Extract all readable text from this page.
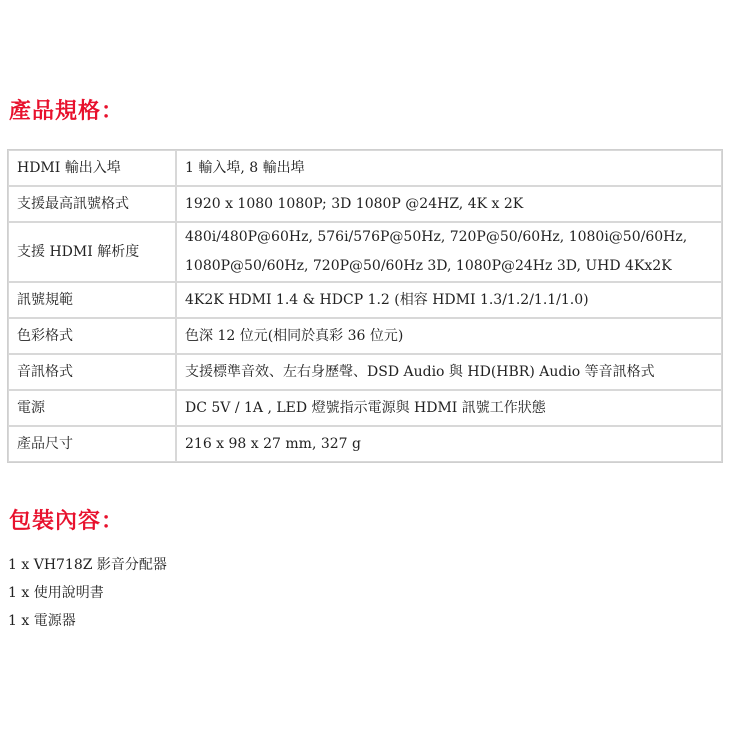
產品規格：
HDMI 輸出入埠	1 輸入埠, 8 輸出埠
支援最高訊號格式	1920 x 1080 1080P; 3D 1080P @24HZ, 4K x 2K
支援 HDMI 解析度	480i/480P@60Hz, 576i/576P@50Hz, 720P@50/60Hz, 1080i@50/60Hz,
1080P@50/60Hz, 720P@50/60Hz 3D, 1080P@24Hz 3D, UHD 4Kx2K

訊號規範	4K2K HDMI 1.4 & HDCP 1.2 (相容 HDMI 1.3/1.2/1.1/1.0)
色彩格式	色深 12 位元(相同於真彩 36 位元)
音訊格式	支援標準音效、左右身歷聲、DSD Audio 與 HD(HBR) Audio 等音訊格式
電源	DC 5V / 1A , LED 燈號指示電源與 HDMI 訊號工作狀態
產品尺寸	216 x 98 x 27 mm, 327 g
包裝內容：
1 x VH718Z 影音分配器
1 x 使用說明書
1 x 電源器
